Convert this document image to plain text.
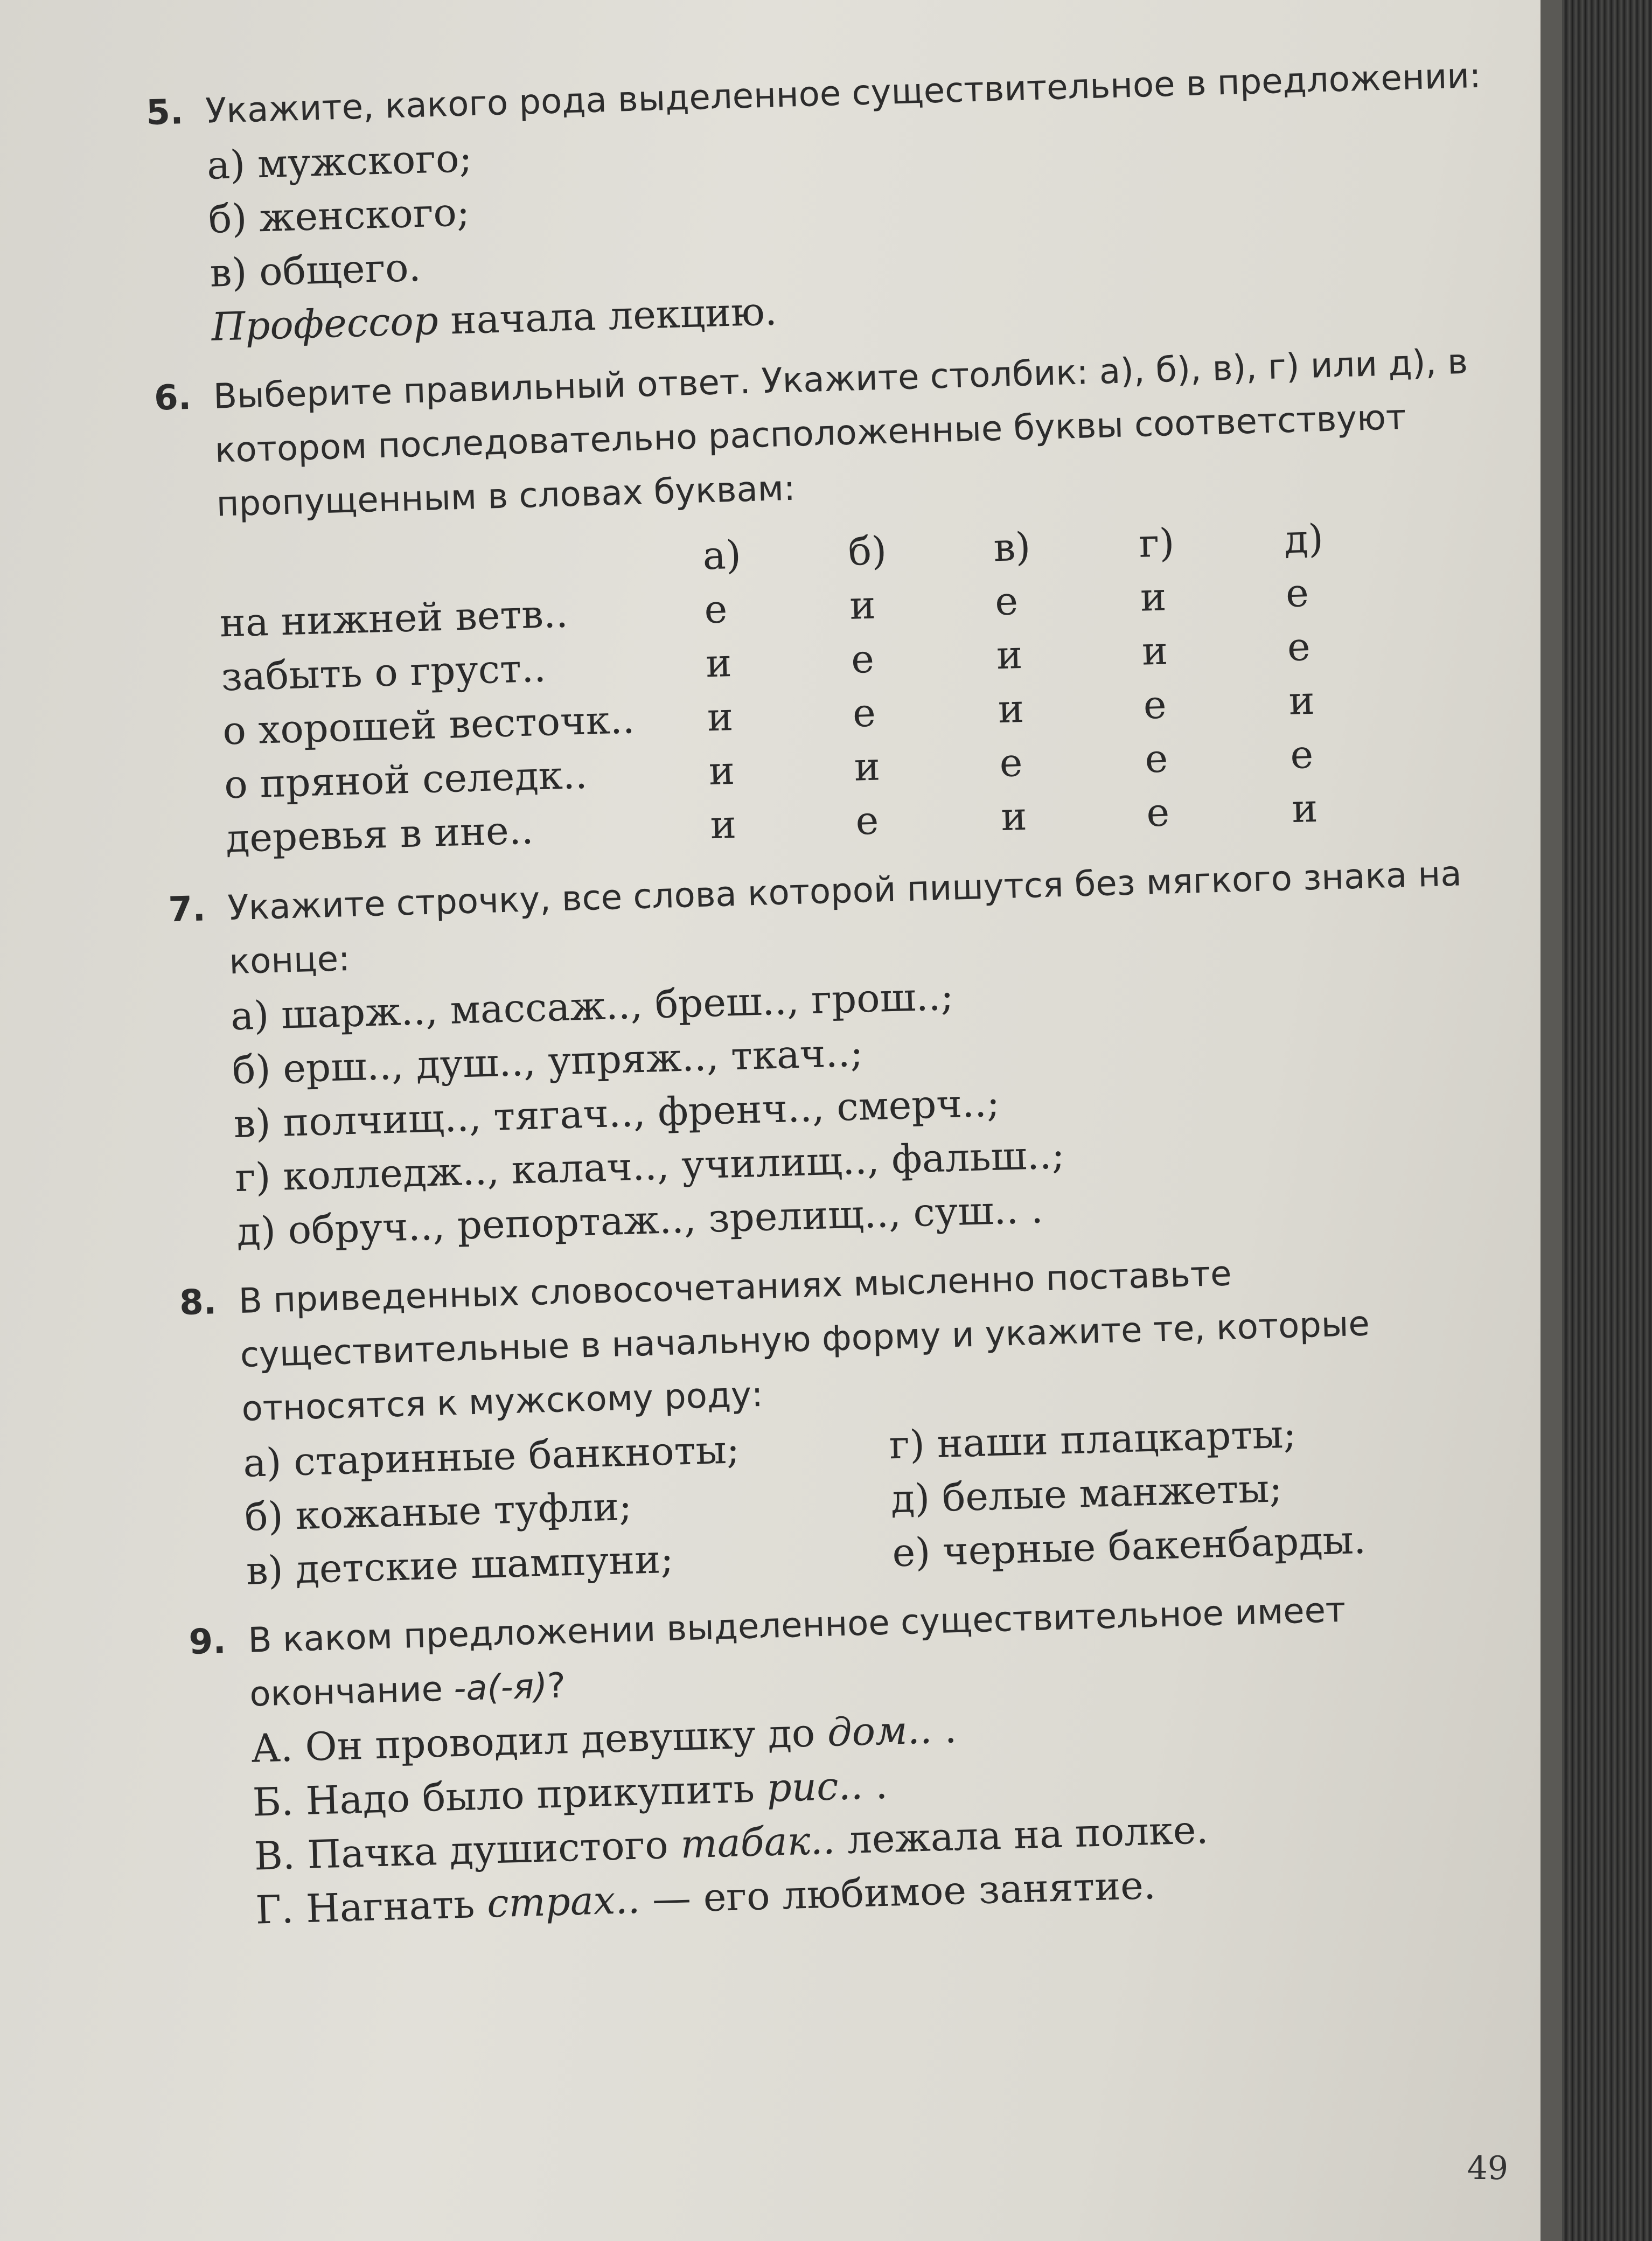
5. Укажите, какого рода выделенное существительное в предложении:
а) мужского;
б) женского;
в) общего.
Профессор начала лекцию.
6. Выберите правильный ответ. Укажите столбик: а), б), в), г) или д), в котором последовательно расположенные буквы соответствуют пропущенным в словах буквам:
а)	б)	в)	г)	д)
на нижней ветв..	е	и	е	и	е
забыть о груст..	и	е	и	и	е
о хорошей весточк..	и	е	и	е	и
о пряной селедк..	и	и	е	е	е
деревья в ине..	и	е	и	е	и
7. Укажите строчку, все слова которой пишутся без мягкого знака на конце:
а) шарж.., массаж.., бреш.., грош..;
б) ерш.., душ.., упряж.., ткач..;
в) полчищ.., тягач.., френч.., смерч..;
г) колледж.., калач.., училищ.., фальш..;
д) обруч.., репортаж.., зрелищ.., суш.. .
8. В приведенных словосочетаниях мысленно поставьте существительные в начальную форму и укажите те, которые относятся к мужскому роду:
а) старинные банкноты;	г) наши плацкарты;
б) кожаные туфли;	д) белые манжеты;
в) детские шампуни;	е) черные бакенбарды.
9. В каком предложении выделенное существительное имеет окончание -а(-я)?
А. Он проводил девушку до дом.. .
Б. Надо было прикупить рис.. .
В. Пачка душистого табак.. лежала на полке.
Г. Нагнать страх.. — его любимое занятие.
49
